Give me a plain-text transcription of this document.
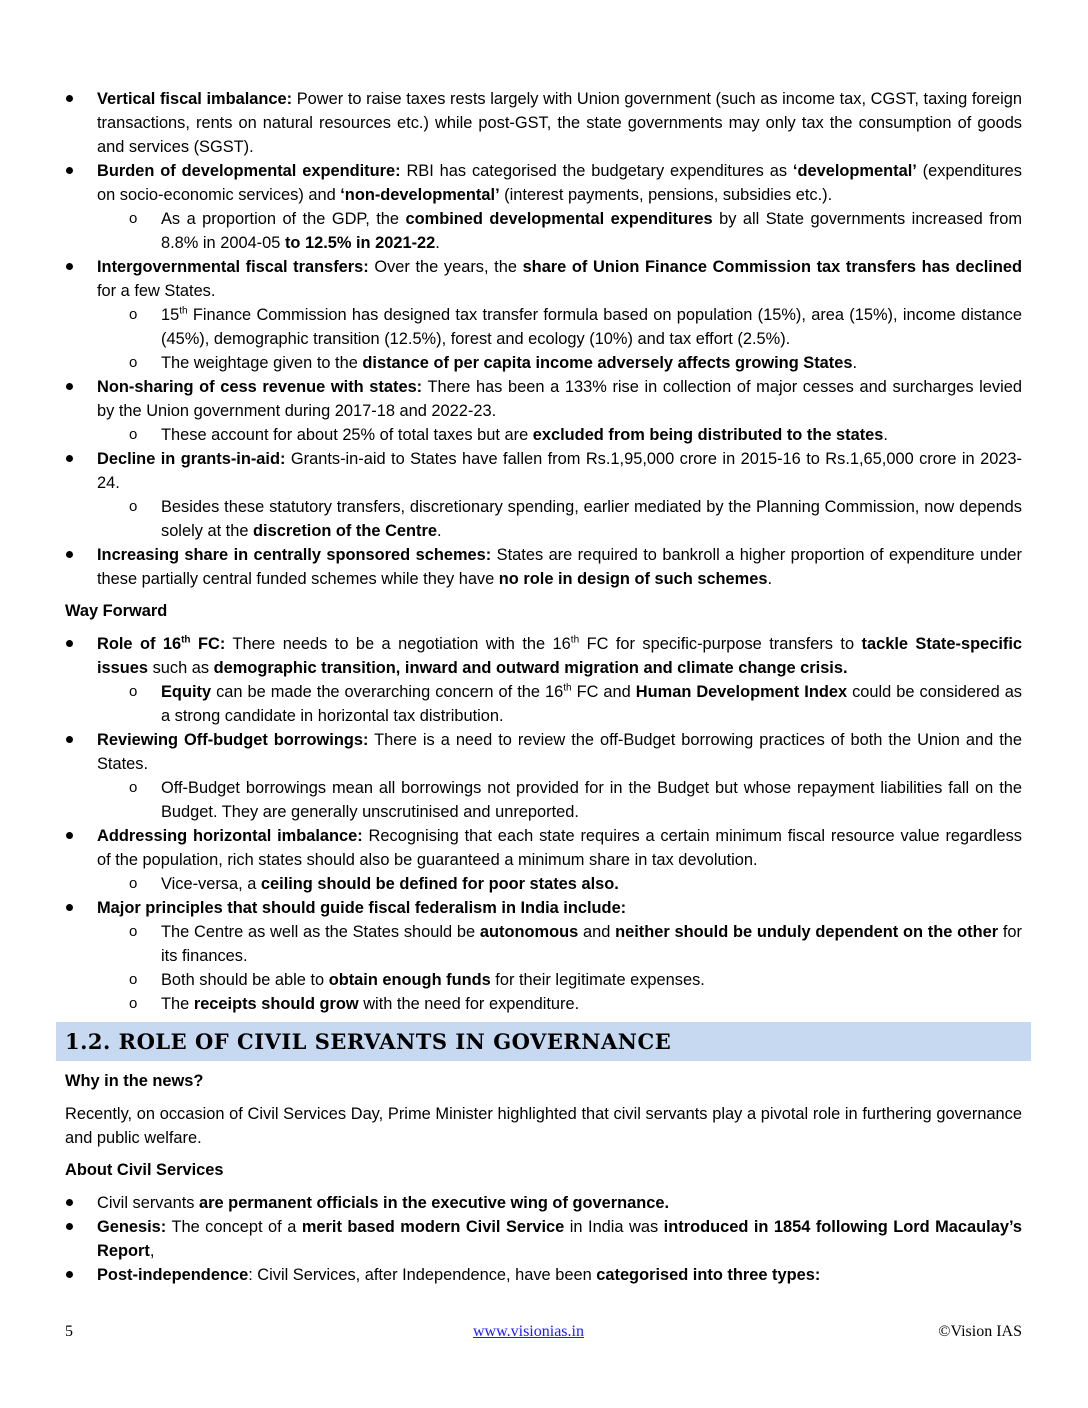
Vertical fiscal imbalance: Power to raise taxes rests largely with Union government (such as income tax, CGST, taxing foreign transactions, rents on natural resources etc.) while post-GST, the state governments may only tax the consumption of goods and services (SGST).
Burden of developmental expenditure: RBI has categorised the budgetary expenditures as ‘developmental’ (expenditures on socio-economic services) and ‘non-developmental’ (interest payments, pensions, subsidies etc.).
o As a proportion of the GDP, the combined developmental expenditures by all State governments increased from 8.8% in 2004-05 to 12.5% in 2021-22.
Intergovernmental fiscal transfers: Over the years, the share of Union Finance Commission tax transfers has declined for a few States.
o 15th Finance Commission has designed tax transfer formula based on population (15%), area (15%), income distance (45%), demographic transition (12.5%), forest and ecology (10%) and tax effort (2.5%).
o The weightage given to the distance of per capita income adversely affects growing States.
Non-sharing of cess revenue with states: There has been a 133% rise in collection of major cesses and surcharges levied by the Union government during 2017-18 and 2022-23.
o These account for about 25% of total taxes but are excluded from being distributed to the states.
Decline in grants-in-aid: Grants-in-aid to States have fallen from Rs.1,95,000 crore in 2015-16 to Rs.1,65,000 crore in 2023-24.
o Besides these statutory transfers, discretionary spending, earlier mediated by the Planning Commission, now depends solely at the discretion of the Centre.
Increasing share in centrally sponsored schemes: States are required to bankroll a higher proportion of expenditure under these partially central funded schemes while they have no role in design of such schemes.
Way Forward
Role of 16th FC: There needs to be a negotiation with the 16th FC for specific-purpose transfers to tackle State-specific issues such as demographic transition, inward and outward migration and climate change crisis.
o Equity can be made the overarching concern of the 16th FC and Human Development Index could be considered as a strong candidate in horizontal tax distribution.
Reviewing Off-budget borrowings: There is a need to review the off-Budget borrowing practices of both the Union and the States.
o Off-Budget borrowings mean all borrowings not provided for in the Budget but whose repayment liabilities fall on the Budget. They are generally unscrutinised and unreported.
Addressing horizontal imbalance: Recognising that each state requires a certain minimum fiscal resource value regardless of the population, rich states should also be guaranteed a minimum share in tax devolution.
o Vice-versa, a ceiling should be defined for poor states also.
Major principles that should guide fiscal federalism in India include:
o The Centre as well as the States should be autonomous and neither should be unduly dependent on the other for its finances.
o Both should be able to obtain enough funds for their legitimate expenses.
o The receipts should grow with the need for expenditure.
1.2. ROLE OF CIVIL SERVANTS IN GOVERNANCE
Why in the news?

Recently, on occasion of Civil Services Day, Prime Minister highlighted that civil servants play a pivotal role in furthering governance and public welfare.

About Civil Services
Civil servants are permanent officials in the executive wing of governance.
Genesis: The concept of a merit based modern Civil Service in India was introduced in 1854 following Lord Macaulay’s Report,
Post-independence: Civil Services, after Independence, have been categorised into three types:
5	www.visionias.in	©Vision IAS
